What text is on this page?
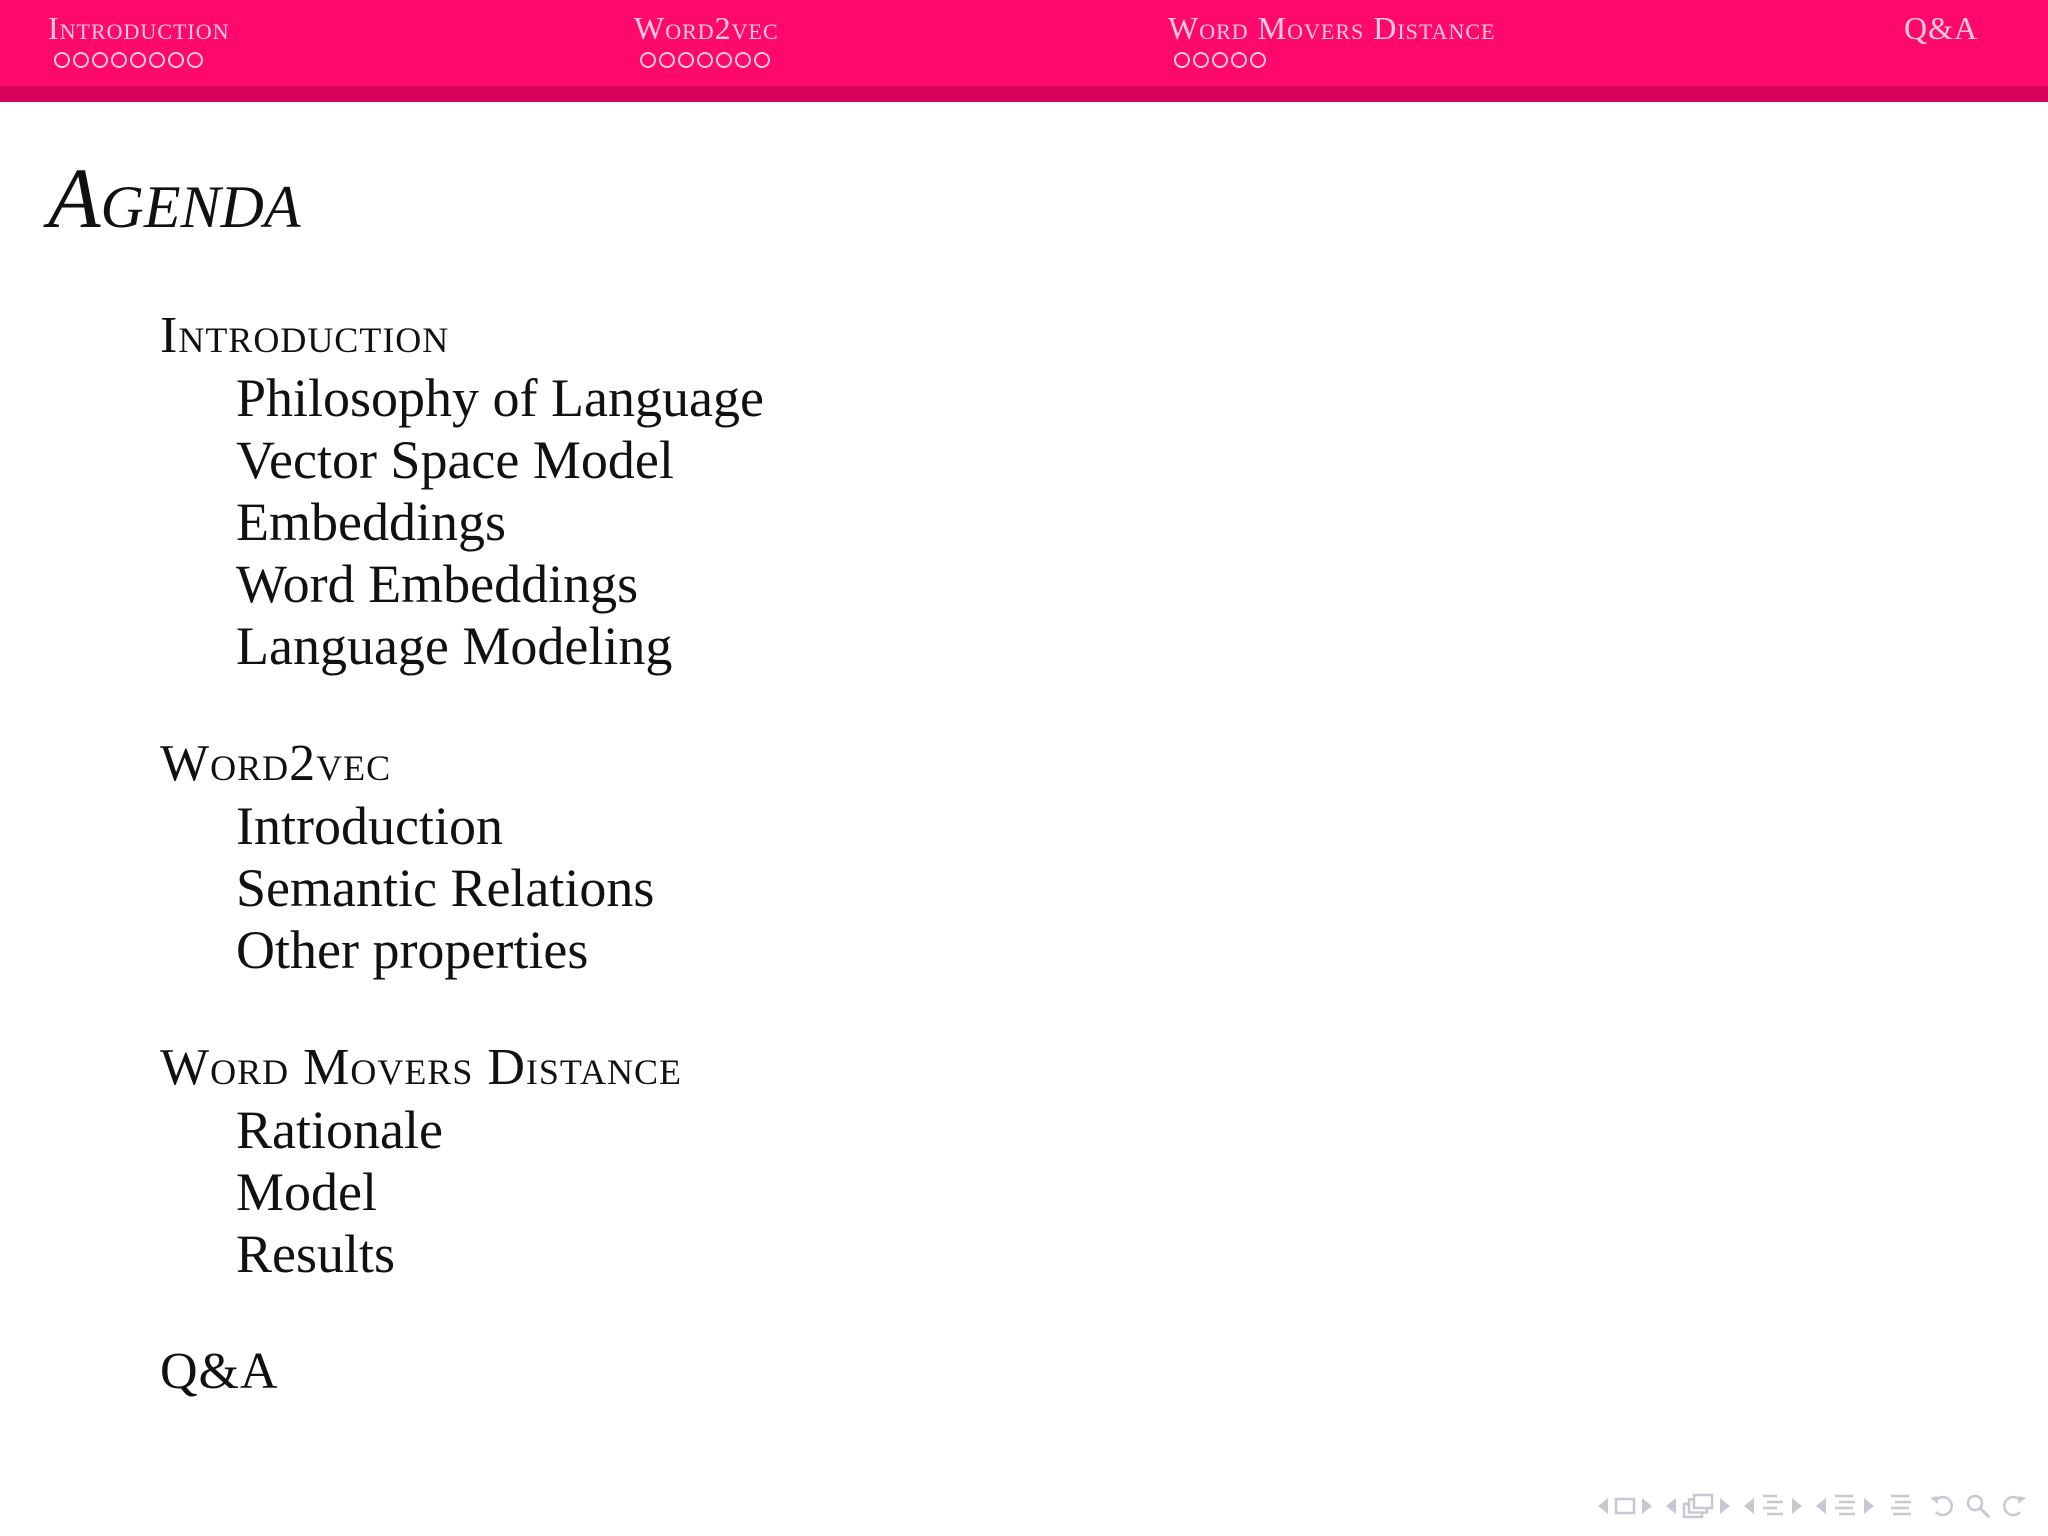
Introduction	Word2vec	Word Movers Distance	Q&A
Agenda
Introduction
Philosophy of Language
Vector Space Model
Embeddings
Word Embeddings
Language Modeling
Word2vec
Introduction
Semantic Relations
Other properties
Word Movers Distance
Rationale
Model
Results
Q&A
